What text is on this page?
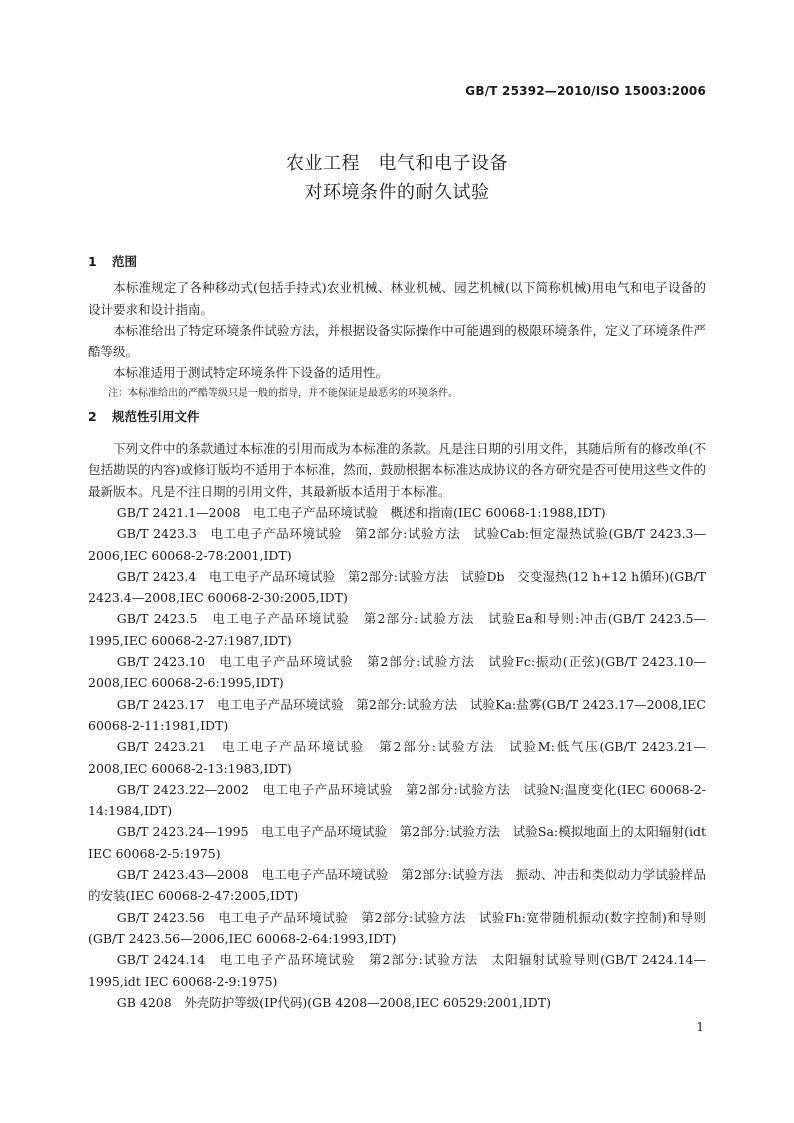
GB/T 25392—2010/ISO 15003:2006
农业工程　电气和电子设备
对环境条件的耐久试验
1 范围

本标准规定了各种移动式(包括手持式)农业机械、林业机械、园艺机械(以下简称机械)用电气和电子设备的设计要求和设计指南。

本标准给出了特定环境条件试验方法，并根据设备实际操作中可能遇到的极限环境条件，定义了环境条件严酷等级。

本标准适用于测试特定环境条件下设备的适用性。

注：本标准给出的严酷等级只是一般的指导，并不能保证是最恶劣的环境条件。

2 规范性引用文件

下列文件中的条款通过本标准的引用而成为本标准的条款。凡是注日期的引用文件，其随后所有的修改单(不包括勘误的内容)或修订版均不适用于本标准，然而，鼓励根据本标准达成协议的各方研究是否可使用这些文件的最新版本。凡是不注日期的引用文件，其最新版本适用于本标准。

GB/T 2421.1—2008　电工电子产品环境试验　概述和指南(IEC 60068-1:1988,IDT)

GB/T 2423.3　电工电子产品环境试验　第2部分:试验方法　试验Cab:恒定湿热试验(GB/T 2423.3—2006,IEC 60068-2-78:2001,IDT)

GB/T 2423.4　电工电子产品环境试验　第2部分:试验方法　试验Db　交变湿热(12 h+12 h循环)(GB/T 2423.4—2008,IEC 60068-2-30:2005,IDT)

GB/T 2423.5　电工电子产品环境试验　第2部分:试验方法　试验Ea和导则:冲击(GB/T 2423.5—1995,IEC 60068-2-27:1987,IDT)

GB/T 2423.10　电工电子产品环境试验　第2部分:试验方法　试验Fc:振动(正弦)(GB/T 2423.10—2008,IEC 60068-2-6:1995,IDT)

GB/T 2423.17　电工电子产品环境试验　第2部分:试验方法　试验Ka:盐雾(GB/T 2423.17—2008,IEC 60068-2-11:1981,IDT)

GB/T 2423.21　电工电子产品环境试验　第2部分:试验方法　试验M:低气压(GB/T 2423.21—2008,IEC 60068-2-13:1983,IDT)

GB/T 2423.22—2002　电工电子产品环境试验　第2部分:试验方法　试验N:温度变化(IEC 60068-2-14:1984,IDT)

GB/T 2423.24—1995　电工电子产品环境试验　第2部分:试验方法　试验Sa:模拟地面上的太阳辐射(idt IEC 60068-2-5:1975)

GB/T 2423.43—2008　电工电子产品环境试验　第2部分:试验方法　振动、冲击和类似动力学试验样品的安装(IEC 60068-2-47:2005,IDT)

GB/T 2423.56　电工电子产品环境试验　第2部分:试验方法　试验Fh:宽带随机振动(数字控制)和导则(GB/T 2423.56—2006,IEC 60068-2-64:1993,IDT)

GB/T 2424.14　电工电子产品环境试验　第2部分:试验方法　太阳辐射试验导则(GB/T 2424.14—1995,idt IEC 60068-2-9:1975)

GB 4208　外壳防护等级(IP代码)(GB 4208—2008,IEC 60529:2001,IDT)

1
